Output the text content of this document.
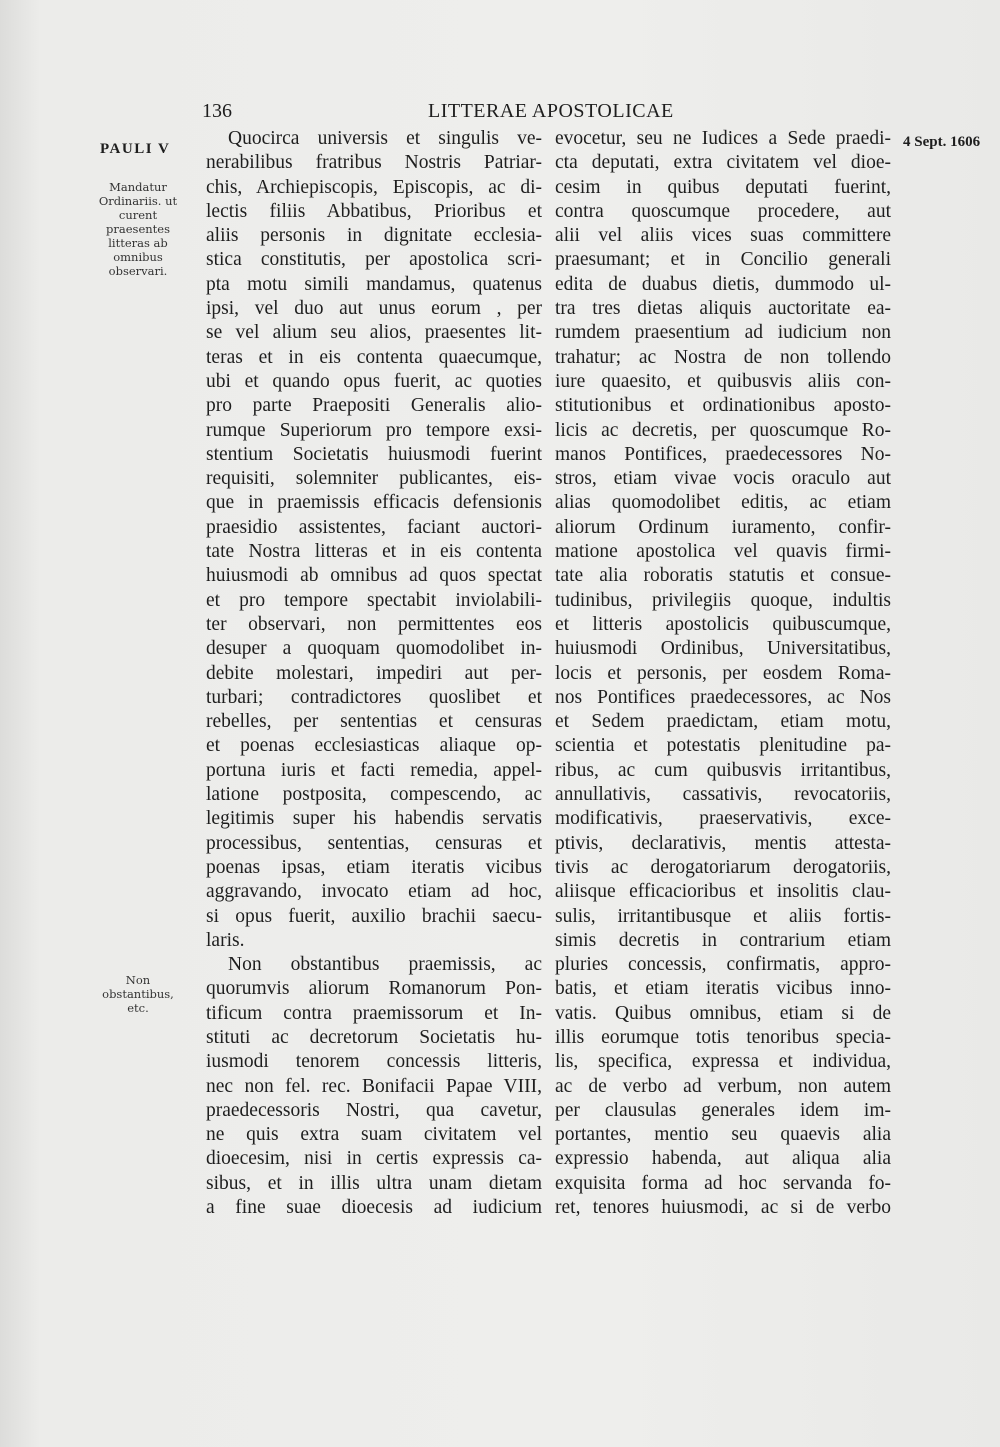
136	LITTERAE APOSTOLICAE
PAULI V	4 Sept. 1606
Mandatur Ordinariis. ut curent praesentes litteras ab omnibus observari.
Non obstantibus, etc.
Quocirca universis et singulis ve-
nerabilibus fratribus Nostris Patriar-
chis, Archiepiscopis, Episcopis, ac di-
lectis filiis Abbatibus, Prioribus et
aliis personis in dignitate ecclesia-
stica constitutis, per apostolica scri-
pta motu simili mandamus, quatenus
ipsi, vel duo aut unus eorum , per
se vel alium seu alios, praesentes lit-
teras et in eis contenta quaecumque,
ubi et quando opus fuerit, ac quoties
pro parte Praepositi Generalis alio-
rumque Superiorum pro tempore exsi-
stentium Societatis huiusmodi fuerint
requisiti, solemniter publicantes, eis-
que in praemissis efficacis defensionis
praesidio assistentes, faciant auctori-
tate Nostra litteras et in eis contenta
huiusmodi ab omnibus ad quos spectat
et pro tempore spectabit inviolabili-
ter observari, non permittentes eos
desuper a quoquam quomodolibet in-
debite molestari, impediri aut per-
turbari; contradictores quoslibet et
rebelles, per sententias et censuras
et poenas ecclesiasticas aliaque op-
portuna iuris et facti remedia, appel-
latione postposita, compescendo, ac
legitimis super his habendis servatis
processibus, sententias, censuras et
poenas ipsas, etiam iteratis vicibus
aggravando, invocato etiam ad hoc,
si opus fuerit, auxilio brachii saecu-
laris.
Non obstantibus praemissis, ac
quorumvis aliorum Romanorum Pon-
tificum contra praemissorum et In-
stituti ac decretorum Societatis hu-
iusmodi tenorem concessis litteris,
nec non fel. rec. Bonifacii Papae VIII,
praedecessoris Nostri, qua cavetur,
ne quis extra suam civitatem vel
dioecesim, nisi in certis expressis ca-
sibus, et in illis ultra unam dietam
a fine suae dioecesis ad iudicium
evocetur, seu ne Iudices a Sede praedi-
cta deputati, extra civitatem vel dioe-
cesim in quibus deputati fuerint,
contra quoscumque procedere, aut
alii vel aliis vices suas committere
praesumant; et in Concilio generali
edita de duabus dietis, dummodo ul-
tra tres dietas aliquis auctoritate ea-
rumdem praesentium ad iudicium non
trahatur; ac Nostra de non tollendo
iure quaesito, et quibusvis aliis con-
stitutionibus et ordinationibus aposto-
licis ac decretis, per quoscumque Ro-
manos Pontifices, praedecessores No-
stros, etiam vivae vocis oraculo aut
alias quomodolibet editis, ac etiam
aliorum Ordinum iuramento, confir-
matione apostolica vel quavis firmi-
tate alia roboratis statutis et consue-
tudinibus, privilegiis quoque, indultis
et litteris apostolicis quibuscumque,
huiusmodi Ordinibus, Universitatibus,
locis et personis, per eosdem Roma-
nos Pontifices praedecessores, ac Nos
et Sedem praedictam, etiam motu,
scientia et potestatis plenitudine pa-
ribus, ac cum quibusvis irritantibus,
annullativis, cassativis, revocatoriis,
modificativis, praeservativis, exce-
ptivis, declarativis, mentis attesta-
tivis ac derogatoriarum derogatoriis,
aliisque efficacioribus et insolitis clau-
sulis, irritantibusque et aliis fortis-
simis decretis in contrarium etiam
pluries concessis, confirmatis, appro-
batis, et etiam iteratis vicibus inno-
vatis. Quibus omnibus, etiam si de
illis eorumque totis tenoribus specia-
lis, specifica, expressa et individua,
ac de verbo ad verbum, non autem
per clausulas generales idem im-
portantes, mentio seu quaevis alia
expressio habenda, aut aliqua alia
exquisita forma ad hoc servanda fo-
ret, tenores huiusmodi, ac si de verbo
